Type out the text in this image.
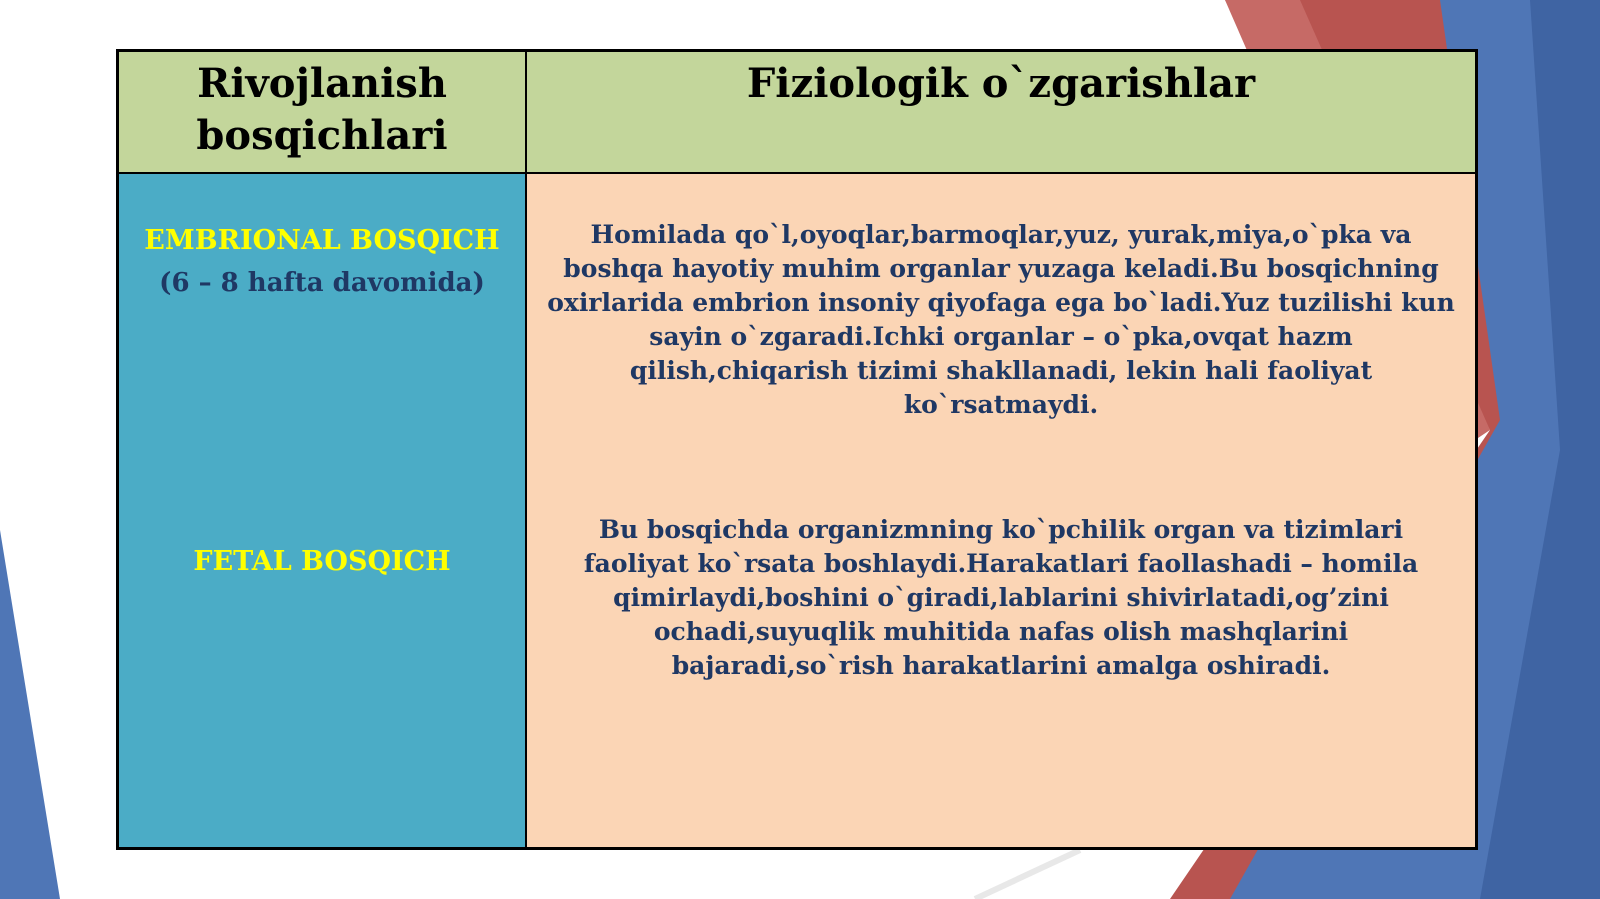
Rivojlanish bosqichlari
Fiziologik o`zgarishlar
EMBRIONAL BOSQICH
(6 – 8 hafta davomida)
FETAL BOSQICH
Homilada qo`l,oyoqlar,barmoqlar,yuz, yurak,miya,o`pka va boshqa hayotiy muhim organlar yuzaga keladi.Bu bosqichning oxirlarida embrion insoniy qiyofaga ega bo`ladi.Yuz tuzilishi kun sayin o`zgaradi.Ichki organlar – o`pka,ovqat hazm qilish,chiqarish tizimi shakllanadi, lekin hali faoliyat ko`rsatmaydi.
Bu bosqichda organizmning ko`pchilik organ va tizimlari faoliyat ko`rsata boshlaydi.Harakatlari faollashadi – homila qimirlaydi,boshini o`giradi,lablarini shivirlatadi,og’zini ochadi,suyuqlik muhitida nafas olish mashqlarini bajaradi,so`rish harakatlarini amalga oshiradi.
